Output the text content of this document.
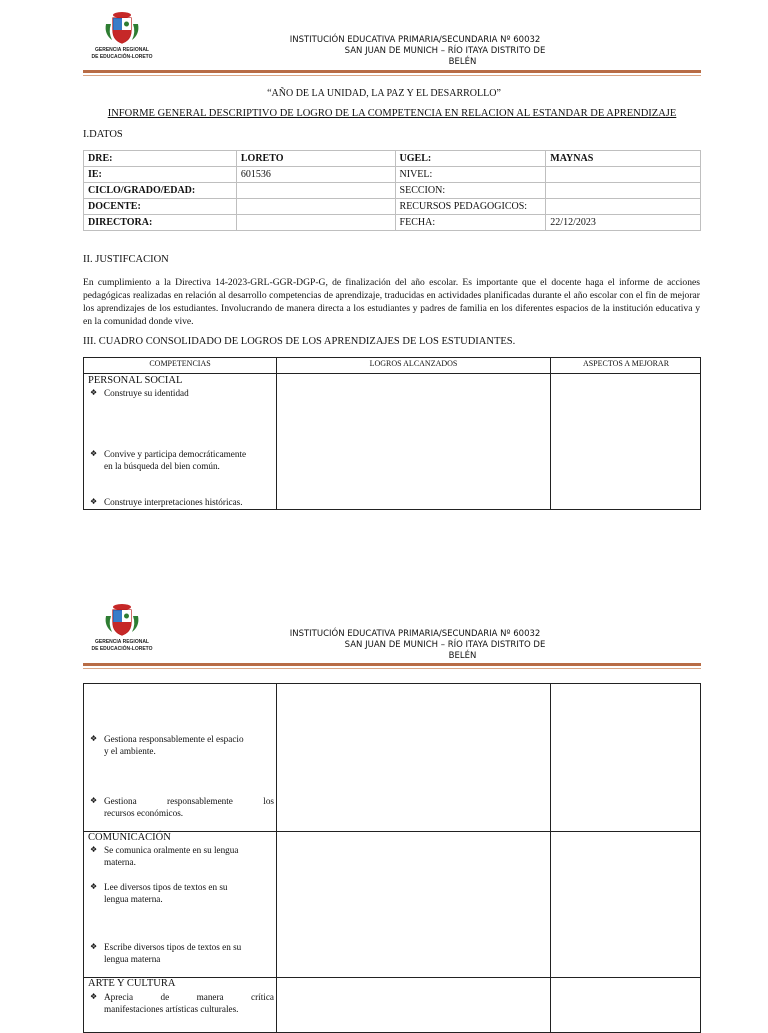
GERENCIA REGIONAL
DE EDUCACIÓN-LORETO
INSTITUCIÓN EDUCATIVA PRIMARIA/SECUNDARIA Nº 60032
SAN JUAN DE MUNICH – RÍO ITAYA DISTRITO DE
BELÉN
“AÑO DE LA UNIDAD, LA PAZ Y EL DESARROLLO”
INFORME GENERAL DESCRIPTIVO DE LOGRO DE LA COMPETENCIA EN RELACION AL ESTANDAR DE APRENDIZAJE
I.DATOS
DRE:	LORETO	UGEL:	MAYNAS
IE:	601536	NIVEL:	
CICLO/GRADO/EDAD:		SECCION:	
DOCENTE:		RECURSOS PEDAGOGICOS:	
DIRECTORA:		FECHA:	22/12/2023
II. JUSTIFCACION
En cumplimiento a la Directiva 14-2023-GRL-GGR-DGP-G, de finalización del año escolar. Es importante que el docente haga el informe de acciones pedagógicas realizadas en relación al desarrollo competencias de aprendizaje, traducidas en actividades planificadas durante el año escolar con el fin de mejorar los aprendizajes de los estudiantes. Involucrando de manera directa a los estudiantes y padres de familia en los diferentes espacios de la institución educativa y en la comunidad donde vive.
III. CUADRO CONSOLIDADO DE LOGROS DE LOS APRENDIZAJES DE LOS ESTUDIANTES.
COMPETENCIAS	LOGROS ALCANZADOS	ASPECTOS A MEJORAR
PERSONAL SOCIAL
❖ Construye su identidad
❖ Convive y participa democráticamente
en la búsqueda del bien común.
❖ Construye interpretaciones históricas.
GERENCIA REGIONAL
DE EDUCACIÓN-LORETO
INSTITUCIÓN EDUCATIVA PRIMARIA/SECUNDARIA Nº 60032
SAN JUAN DE MUNICH – RÍO ITAYA DISTRITO DE
BELÉN
❖ Gestiona responsablemente el espacio
y el ambiente.
❖ Gestiona responsablemente los
recursos económicos.
COMUNICACIÓN
❖ Se comunica oralmente en su lengua
materna.
❖ Lee diversos tipos de textos en su
lengua materna.
❖ Escribe diversos tipos de textos en su
lengua materna
ARTE Y CULTURA
❖ Aprecia de manera crítica
manifestaciones artísticas culturales.
